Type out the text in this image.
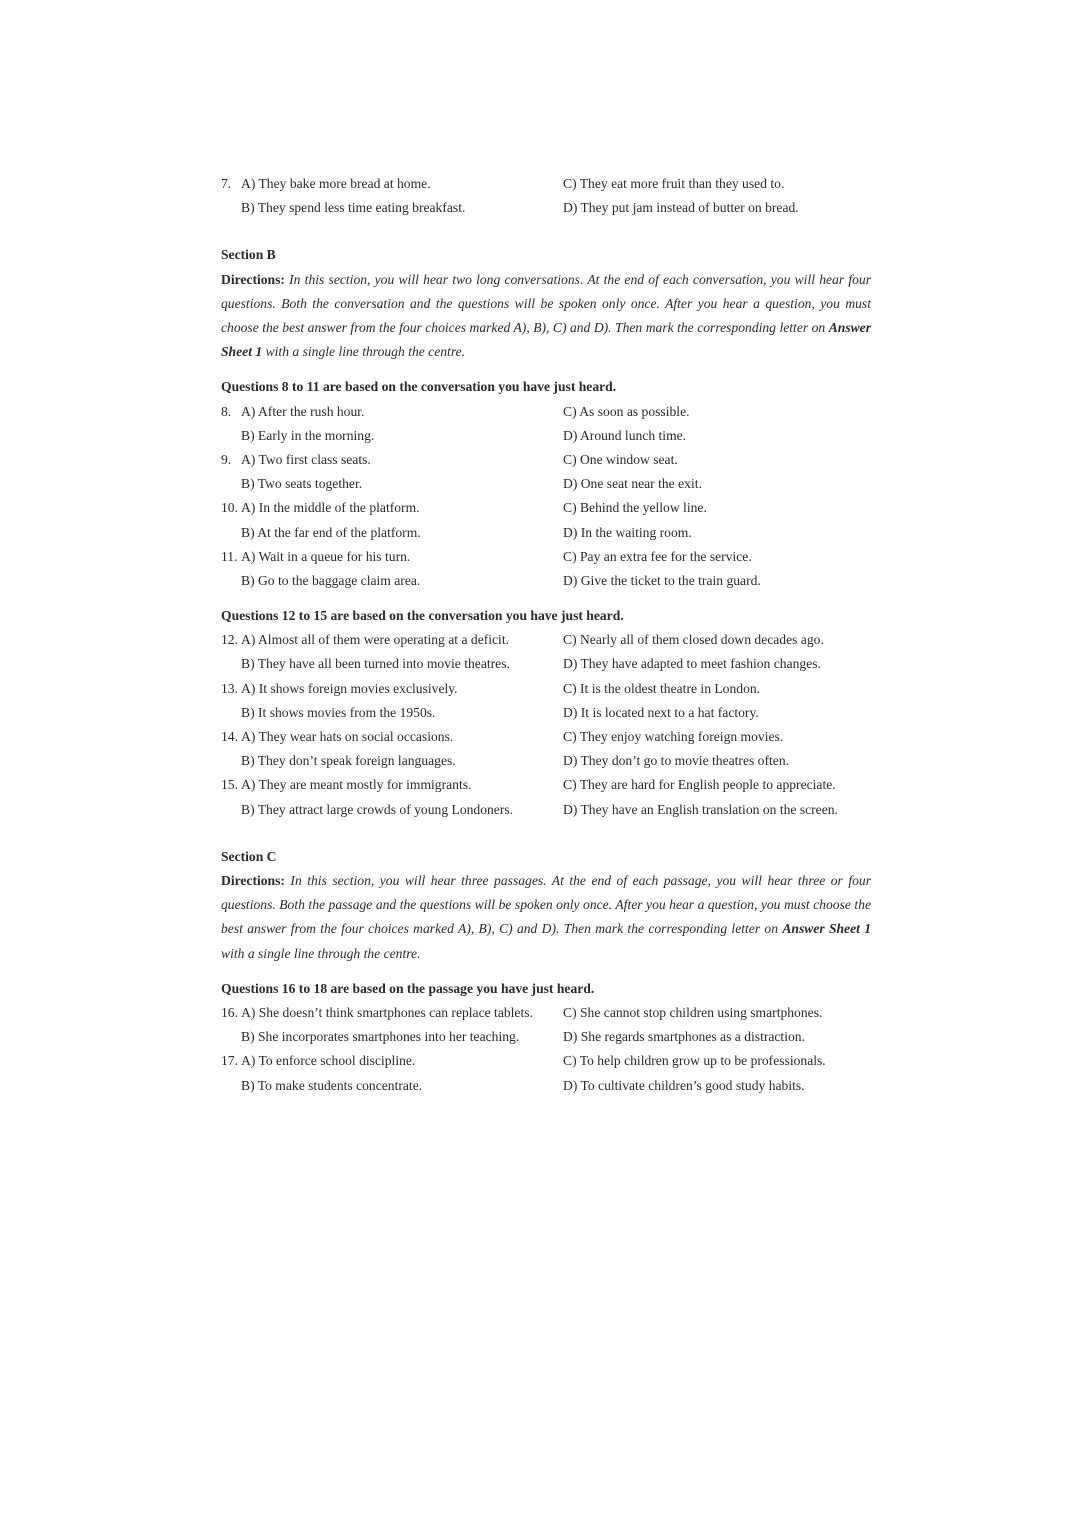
7. A) They bake more bread at home.	C) They eat more fruit than they used to.
B) They spend less time eating breakfast.	D) They put jam instead of butter on bread.
Section B
Directions: In this section, you will hear two long conversations. At the end of each conversation, you will hear four questions. Both the conversation and the questions will be spoken only once. After you hear a question, you must choose the best answer from the four choices marked A), B), C) and D). Then mark the corresponding letter on Answer Sheet 1 with a single line through the centre.
Questions 8 to 11 are based on the conversation you have just heard.
8. A) After the rush hour.	C) As soon as possible.
B) Early in the morning.	D) Around lunch time.
9. A) Two first class seats.	C) One window seat.
B) Two seats together.	D) One seat near the exit.
10. A) In the middle of the platform.	C) Behind the yellow line.
B) At the far end of the platform.	D) In the waiting room.
11. A) Wait in a queue for his turn.	C) Pay an extra fee for the service.
B) Go to the baggage claim area.	D) Give the ticket to the train guard.
Questions 12 to 15 are based on the conversation you have just heard.
12. A) Almost all of them were operating at a deficit.	C) Nearly all of them closed down decades ago.
B) They have all been turned into movie theatres.	D) They have adapted to meet fashion changes.
13. A) It shows foreign movies exclusively.	C) It is the oldest theatre in London.
B) It shows movies from the 1950s.	D) It is located next to a hat factory.
14. A) They wear hats on social occasions.	C) They enjoy watching foreign movies.
B) They don’t speak foreign languages.	D) They don’t go to movie theatres often.
15. A) They are meant mostly for immigrants.	C) They are hard for English people to appreciate.
B) They attract large crowds of young Londoners.	D) They have an English translation on the screen.
Section C
Directions: In this section, you will hear three passages. At the end of each passage, you will hear three or four questions. Both the passage and the questions will be spoken only once. After you hear a question, you must choose the best answer from the four choices marked A), B), C) and D). Then mark the corresponding letter on Answer Sheet 1 with a single line through the centre.
Questions 16 to 18 are based on the passage you have just heard.
16. A) She doesn’t think smartphones can replace tablets. C) She cannot stop children using smartphones.
B) She incorporates smartphones into her teaching.	D) She regards smartphones as a distraction.
17. A) To enforce school discipline.	C) To help children grow up to be professionals.
B) To make students concentrate.	D) To cultivate children’s good study habits.
